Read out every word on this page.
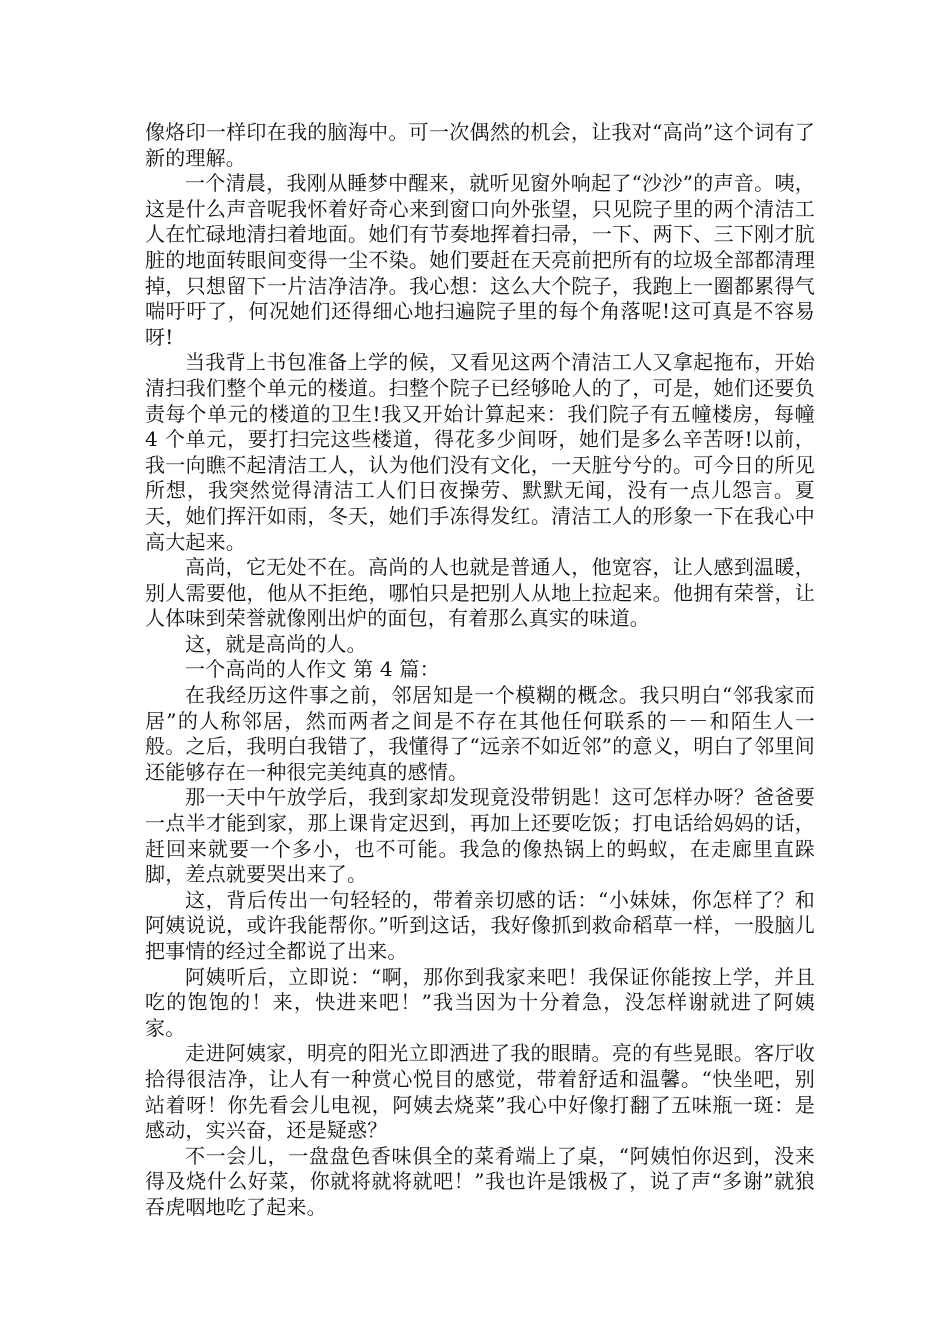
像烙印一样印在我的脑海中。可一次偶然的机会，让我对“高尚”这个词有了新的理解。

一个清晨，我刚从睡梦中醒来，就听见窗外响起了“沙沙”的声音。咦，这是什么声音呢我怀着好奇心来到窗口向外张望，只见院子里的两个清洁工人在忙碌地清扫着地面。她们有节奏地挥着扫帚，一下、两下、三下刚才肮脏的地面转眼间变得一尘不染。她们要赶在天亮前把所有的垃圾全部都清理掉，只想留下一片洁净洁净。我心想：这么大个院子，我跑上一圈都累得气喘吁吁了，何况她们还得细心地扫遍院子里的每个角落呢!这可真是不容易呀!

当我背上书包准备上学的候，又看见这两个清洁工人又拿起拖布，开始清扫我们整个单元的楼道。扫整个院子已经够呛人的了，可是，她们还要负责每个单元的楼道的卫生!我又开始计算起来：我们院子有五幢楼房，每幢 4 个单元，要打扫完这些楼道，得花多少间呀，她们是多么辛苦呀!以前，我一向瞧不起清洁工人，认为他们没有文化，一天脏兮兮的。可今日的所见所想，我突然觉得清洁工人们日夜操劳、默默无闻，没有一点儿怨言。夏天，她们挥汗如雨，冬天，她们手冻得发红。清洁工人的形象一下在我心中高大起来。

高尚，它无处不在。高尚的人也就是普通人，他宽容，让人感到温暖，别人需要他，他从不拒绝，哪怕只是把别人从地上拉起来。他拥有荣誉，让人体味到荣誉就像刚出炉的面包，有着那么真实的味道。

这，就是高尚的人。

一个高尚的人作文 第 4 篇：

在我经历这件事之前，邻居知是一个模糊的概念。我只明白“邻我家而居”的人称邻居，然而两者之间是不存在其他任何联系的－－和陌生人一般。之后，我明白我错了，我懂得了“远亲不如近邻”的意义，明白了邻里间还能够存在一种很完美纯真的感情。

那一天中午放学后，我到家却发现竟没带钥匙！这可怎样办呀？爸爸要一点半才能到家，那上课肯定迟到，再加上还要吃饭；打电话给妈妈的话，赶回来就要一个多小，也不可能。我急的像热锅上的蚂蚁，在走廊里直跺脚，差点就要哭出来了。

这，背后传出一句轻轻的，带着亲切感的话：“小妹妹，你怎样了？和阿姨说说，或许我能帮你。”听到这话，我好像抓到救命稻草一样，一股脑儿把事情的经过全都说了出来。

阿姨听后，立即说：“啊，那你到我家来吧！我保证你能按上学，并且吃的饱饱的！来，快进来吧！”我当因为十分着急，没怎样谢就进了阿姨家。

走进阿姨家，明亮的阳光立即洒进了我的眼睛。亮的有些晃眼。客厅收拾得很洁净，让人有一种赏心悦目的感觉，带着舒适和温馨。“快坐吧，别站着呀！你先看会儿电视，阿姨去烧菜”我心中好像打翻了五味瓶一斑：是感动，实兴奋，还是疑惑？

不一会儿，一盘盘色香味俱全的菜肴端上了桌，“阿姨怕你迟到，没来得及烧什么好菜，你就将就将就吧！”我也许是饿极了，说了声“多谢”就狼吞虎咽地吃了起来。
